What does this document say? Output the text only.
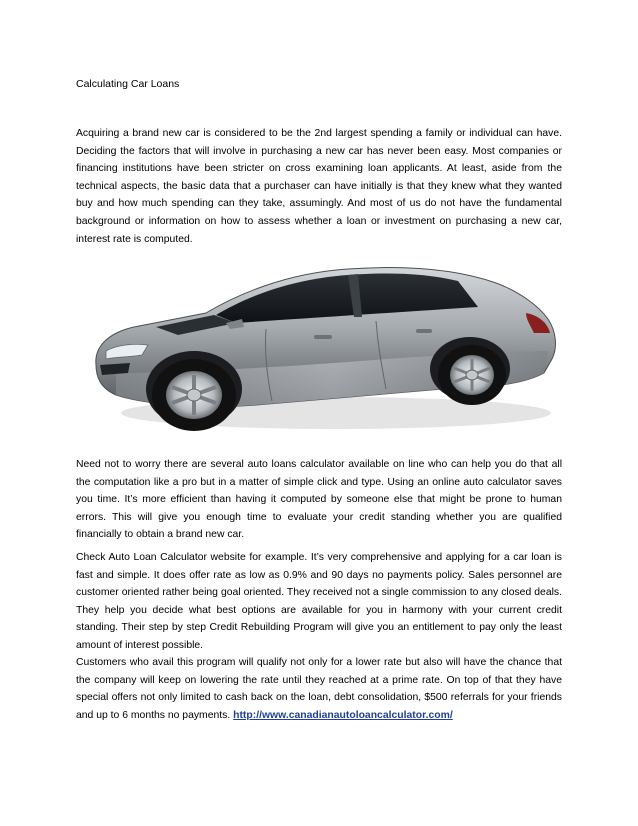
Calculating Car Loans

Acquiring a brand new car is considered to be the 2nd largest spending a family or individual can have. Deciding the factors that will involve in purchasing a new car has never been easy. Most companies or financing institutions have been stricter on cross examining loan applicants. At least, aside from the technical aspects, the basic data that a purchaser can have initially is that they knew what they wanted buy and how much spending can they take, assumingly. And most of us do not have the fundamental background or information on how to assess whether a loan or investment on purchasing a new car, interest rate is computed.

Need not to worry there are several auto loans calculator available on line who can help you do that all the computation like a pro but in a matter of simple click and type. Using an online auto calculator saves you time. It’s more efficient than having it computed by someone else that might be prone to human errors. This will give you enough time to evaluate your credit standing whether you are qualified financially to obtain a brand new car.

Check Auto Loan Calculator website for example. It’s very comprehensive and applying for a car loan is fast and simple. It does offer rate as low as 0.9% and 90 days no payments policy. Sales personnel are customer oriented rather being goal oriented. They received not a single commission to any closed deals. They help you decide what best options are available for you in harmony with your current credit standing. Their step by step Credit Rebuilding Program will give you an entitlement to pay only the least amount of interest possible.

Customers who avail this program will qualify not only for a lower rate but also will have the chance that the company will keep on lowering the rate until they reached at a prime rate. On top of that they have special offers not only limited to cash back on the loan, debt consolidation, $500 referrals for your friends and up to 6 months no payments. http://www.canadianautoloancalculator.com/
